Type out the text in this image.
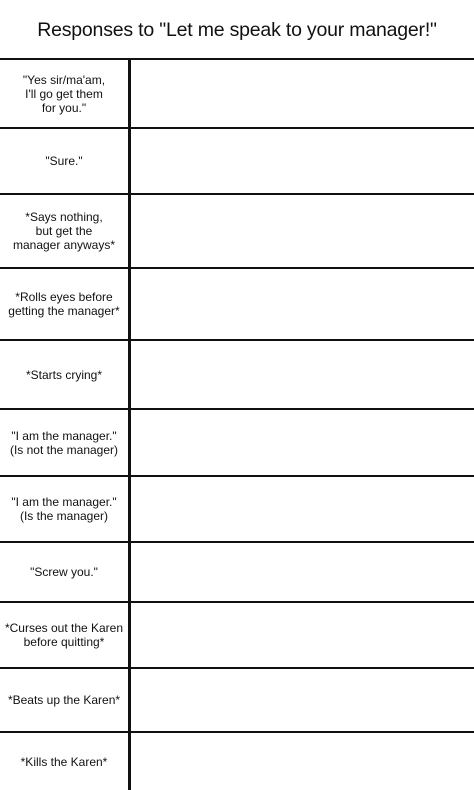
Responses to "Let me speak to your manager!"
"Yes sir/ma'am,
I'll go get them
for you."
"Sure."
*Says nothing,
but get the
manager anyways*
*Rolls eyes before
getting the manager*
*Starts crying*
"I am the manager."
(Is not the manager)
"I am the manager."
(Is the manager)
"Screw you."
*Curses out the Karen
before quitting*
*Beats up the Karen*
*Kills the Karen*
